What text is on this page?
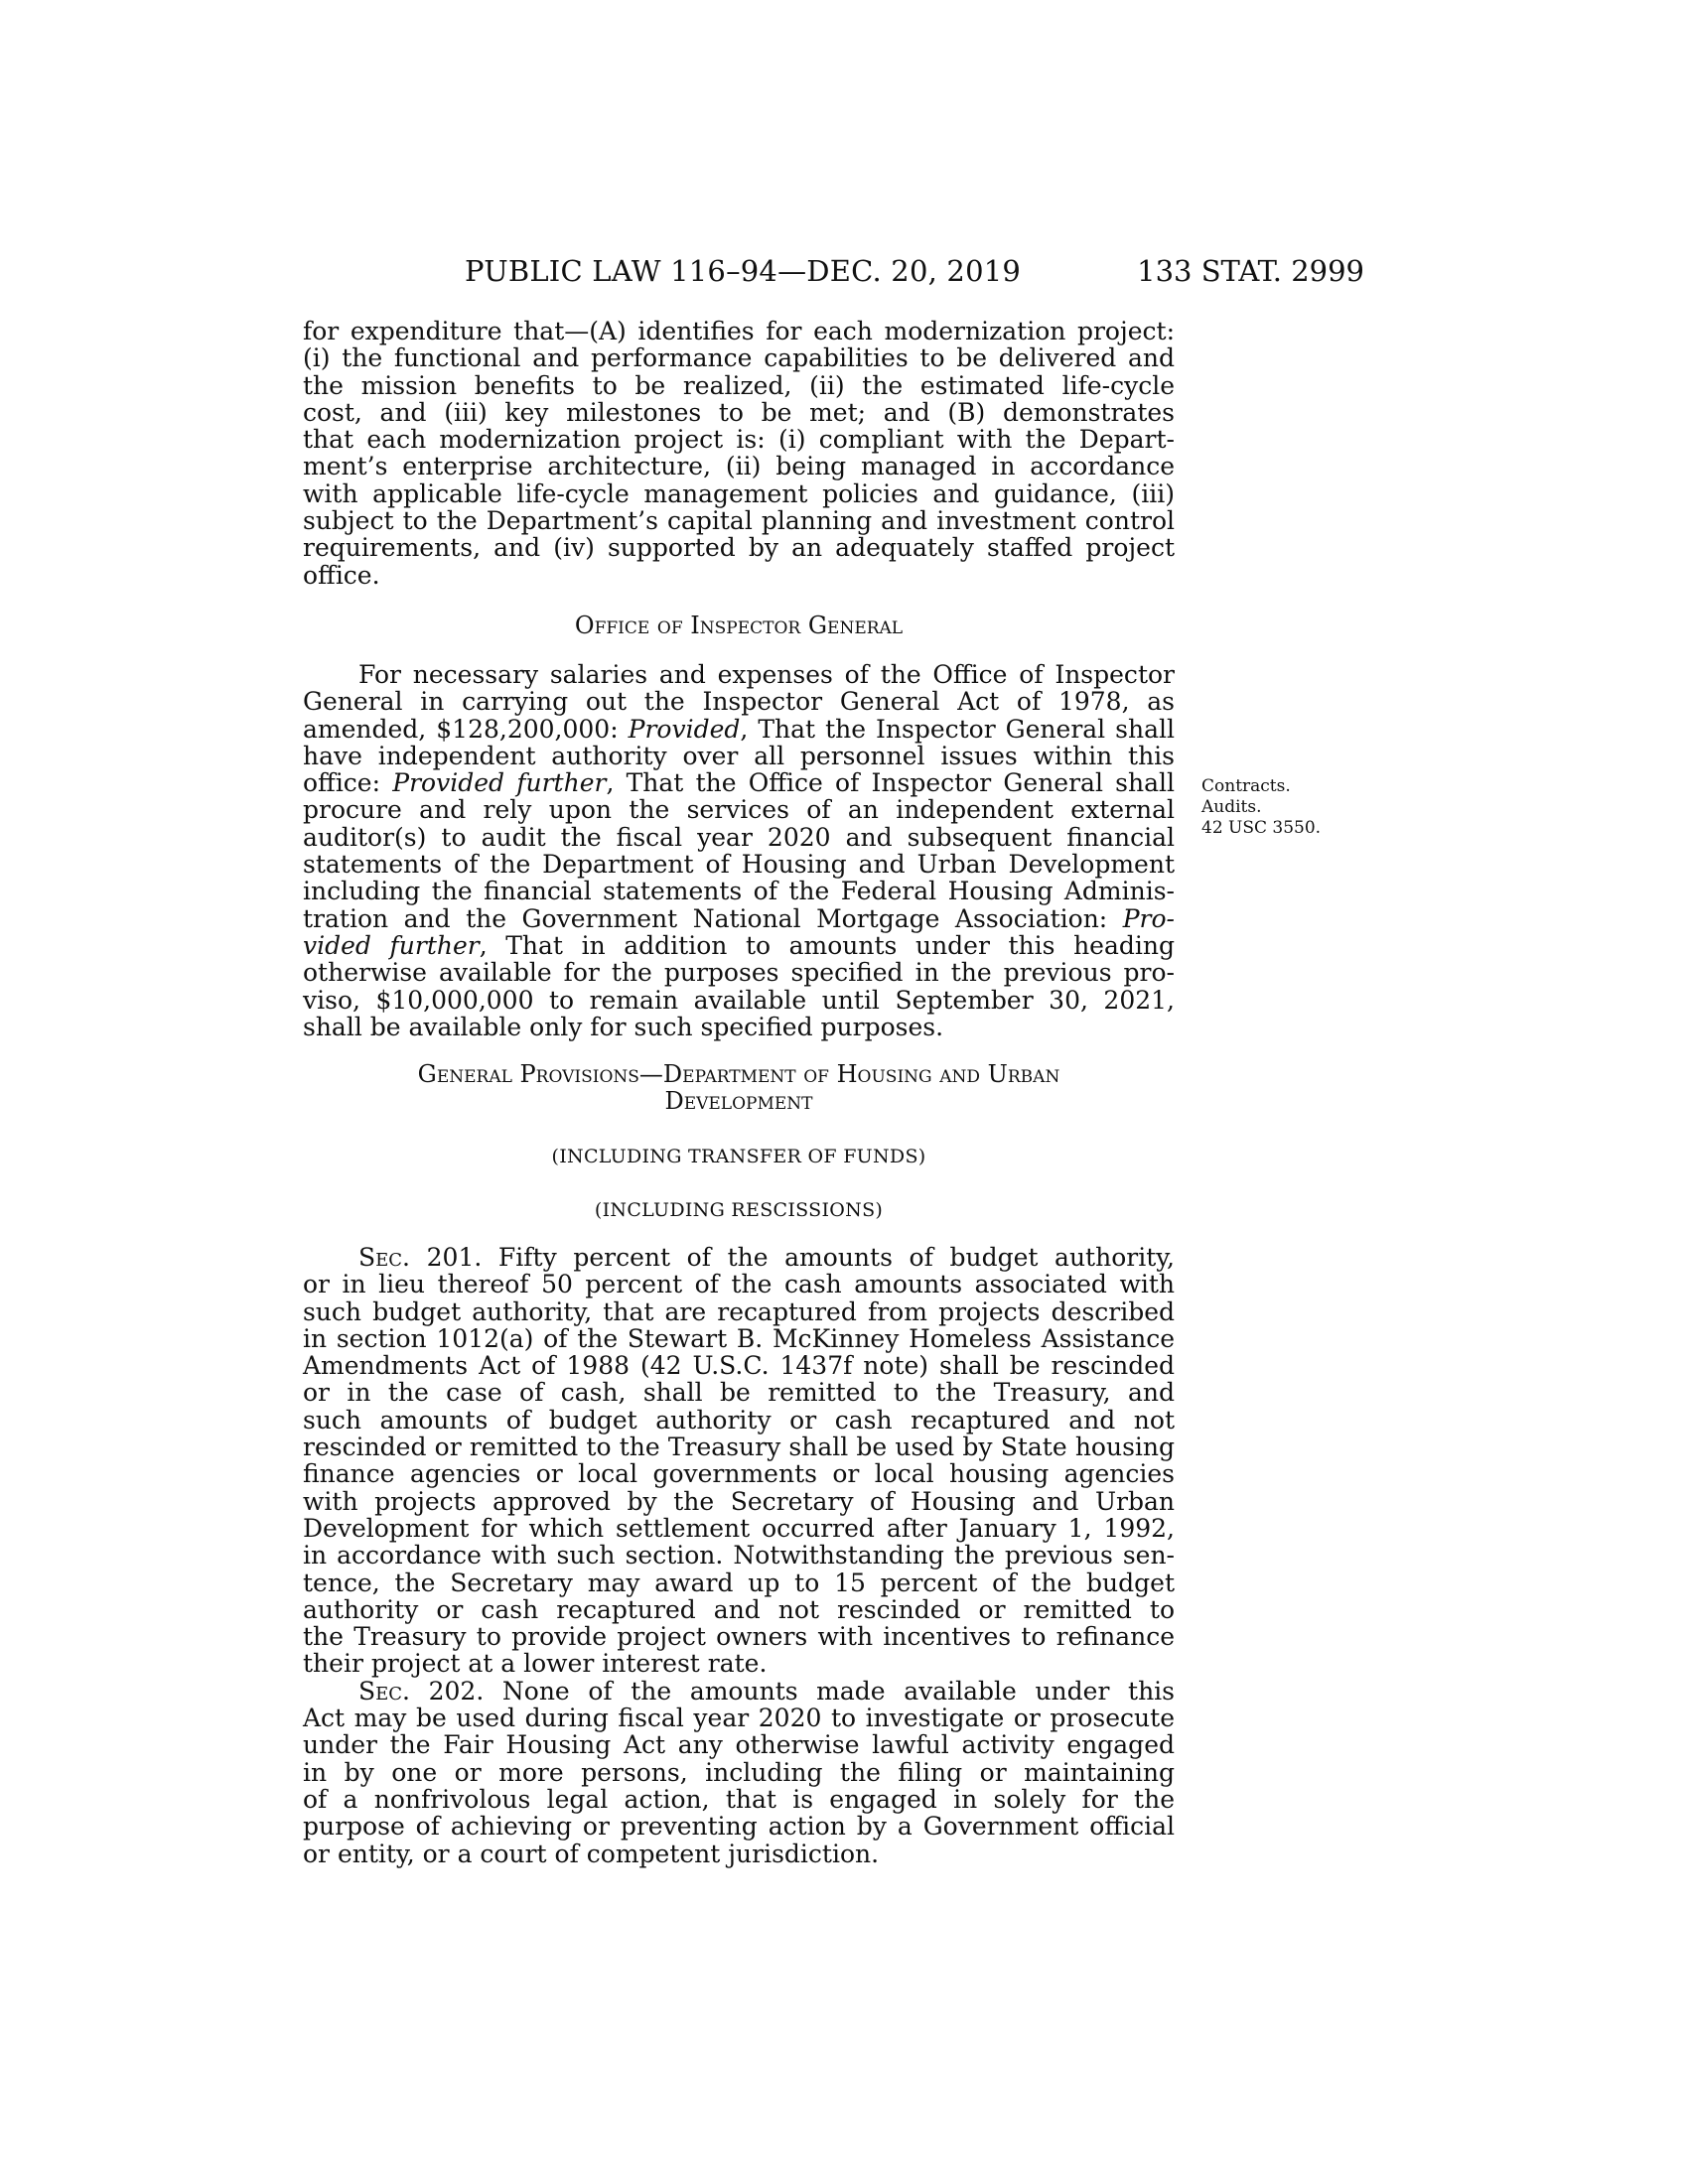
PUBLIC LAW 116–94—DEC. 20, 2019	133 STAT. 2999
for expenditure that—(A) identifies for each modernization project:
(i) the functional and performance capabilities to be delivered and
the mission benefits to be realized, (ii) the estimated life-cycle
cost, and (iii) key milestones to be met; and (B) demonstrates
that each modernization project is: (i) compliant with the Depart-
ment’s enterprise architecture, (ii) being managed in accordance
with applicable life-cycle management policies and guidance, (iii)
subject to the Department’s capital planning and investment control
requirements, and (iv) supported by an adequately staffed project
office.
Office of Inspector General
For necessary salaries and expenses of the Office of Inspector
General in carrying out the Inspector General Act of 1978, as
amended, $128,200,000: Provided, That the Inspector General shall
have independent authority over all personnel issues within this
office: Provided further, That the Office of Inspector General shall
procure and rely upon the services of an independent external
auditor(s) to audit the fiscal year 2020 and subsequent financial
statements of the Department of Housing and Urban Development
including the financial statements of the Federal Housing Adminis-
tration and the Government National Mortgage Association: Pro-
vided further, That in addition to amounts under this heading
otherwise available for the purposes specified in the previous pro-
viso, $10,000,000 to remain available until September 30, 2021,
shall be available only for such specified purposes.
Contracts.
Audits.
42 USC 3550.
General Provisions—Department of Housing and Urban
Development
(INCLUDING TRANSFER OF FUNDS)
(INCLUDING RESCISSIONS)
Sec. 201. Fifty percent of the amounts of budget authority,
or in lieu thereof 50 percent of the cash amounts associated with
such budget authority, that are recaptured from projects described
in section 1012(a) of the Stewart B. McKinney Homeless Assistance
Amendments Act of 1988 (42 U.S.C. 1437f note) shall be rescinded
or in the case of cash, shall be remitted to the Treasury, and
such amounts of budget authority or cash recaptured and not
rescinded or remitted to the Treasury shall be used by State housing
finance agencies or local governments or local housing agencies
with projects approved by the Secretary of Housing and Urban
Development for which settlement occurred after January 1, 1992,
in accordance with such section. Notwithstanding the previous sen-
tence, the Secretary may award up to 15 percent of the budget
authority or cash recaptured and not rescinded or remitted to
the Treasury to provide project owners with incentives to refinance
their project at a lower interest rate.
Sec. 202. None of the amounts made available under this
Act may be used during fiscal year 2020 to investigate or prosecute
under the Fair Housing Act any otherwise lawful activity engaged
in by one or more persons, including the filing or maintaining
of a nonfrivolous legal action, that is engaged in solely for the
purpose of achieving or preventing action by a Government official
or entity, or a court of competent jurisdiction.
